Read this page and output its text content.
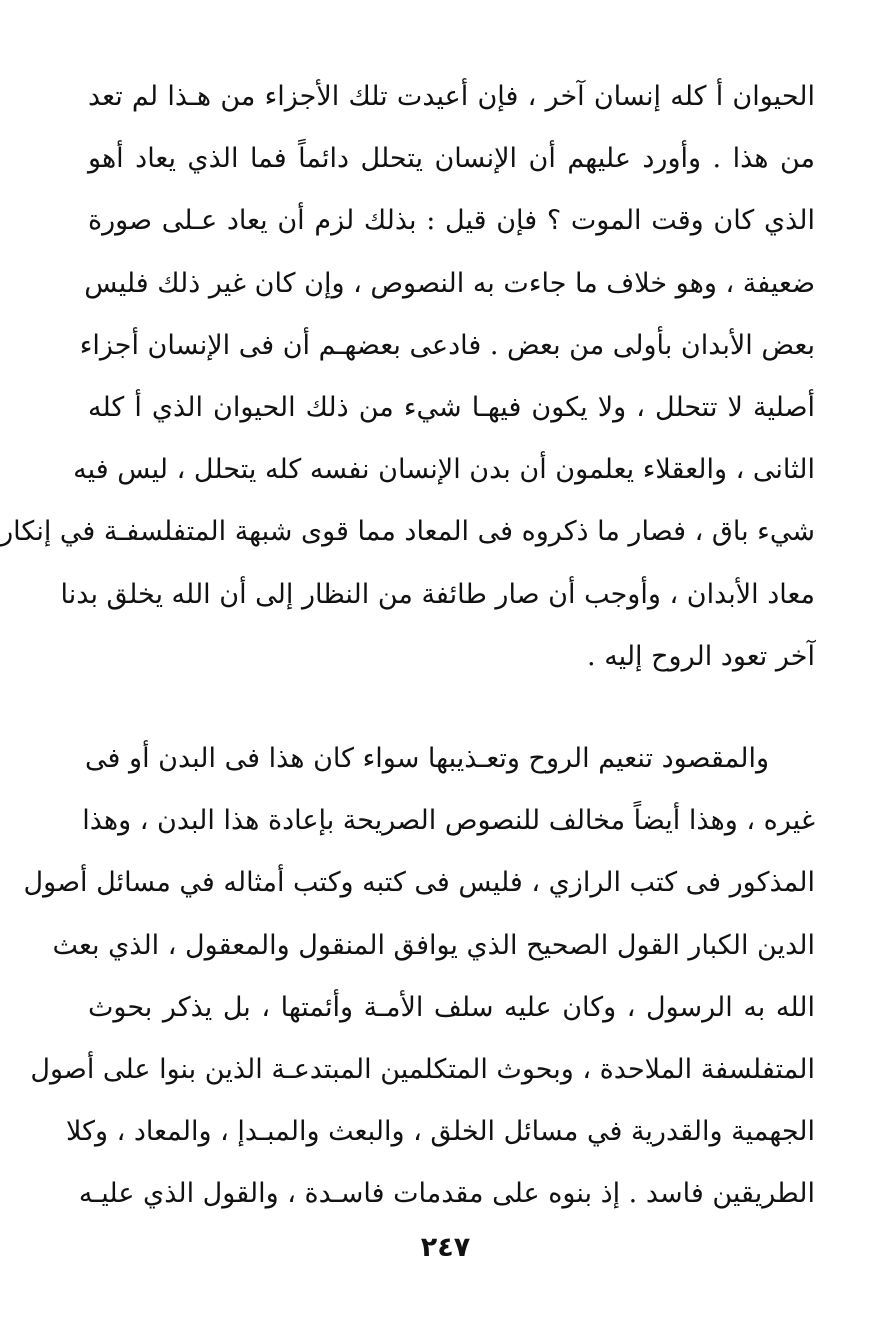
الحيوان أ كله إنسان آخر ، فإن أعيدت تلك الأجزاء من هـذا لم تعد
من هذا . وأورد عليهم أن الإنسان يتحلل دائماً فما الذي يعاد أهو
الذي كان وقت الموت ؟ فإن قيل : بذلك لزم أن يعاد عـلى صورة
ضعيفة ، وهو خلاف ما جاءت به النصوص ، وإن كان غير ذلك فليس
بعض الأبدان بأولى من بعض . فادعى بعضهـم أن فى الإنسان أجزاء
أصلية لا تتحلل ، ولا يكون فيهـا شيء من ذلك الحيوان الذي أ كله
الثانى ، والعقلاء يعلمون أن بدن الإنسان نفسه كله يتحلل ، ليس فيه
شيء باق ، فصار ما ذكروه فى المعاد مما قوى شبهة المتفلسفـة في إنكار
معاد الأبدان ، وأوجب أن صار طائفة من النظار إلى أن الله يخلق بدنا
آخر تعود الروح إليه .
والمقصود تنعيم الروح وتعـذيبها سواء كان هذا فى البدن أو فى
غيره ، وهذا أيضاً مخالف للنصوص الصريحة بإعادة هذا البدن ، وهذا
المذكور فى كتب الرازي ، فليس فى كتبه وكتب أمثاله في مسائل أصول
الدين الكبار القول الصحيح الذي يوافق المنقول والمعقول ، الذي بعث
الله به الرسول ، وكان عليه سلف الأمـة وأئمتها ، بل يذكر بحوث
المتفلسفة الملاحدة ، وبحوث المتكلمين المبتدعـة الذين بنوا على أصول
الجهمية والقدرية في مسائل الخلق ، والبعث والمبـدإ ، والمعاد ، وكلا
الطريقين فاسد . إذ بنوه على مقدمات فاسـدة ، والقول الذي عليـه
٢٤٧
